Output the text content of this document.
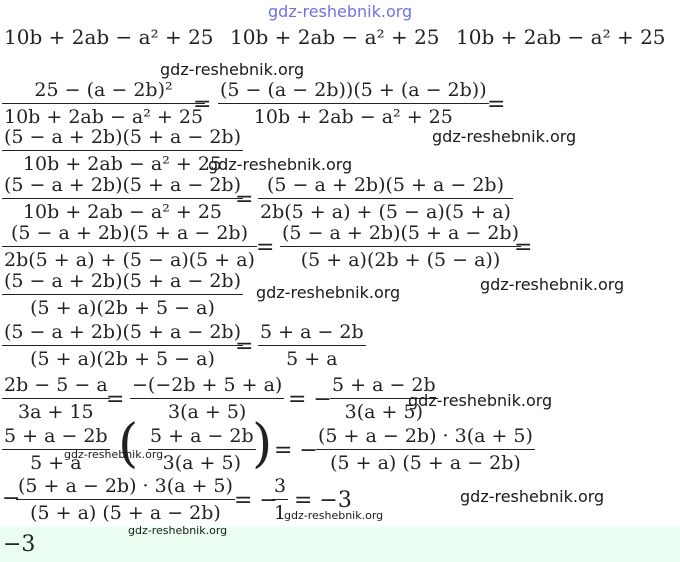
gdz-reshebnik.org
10b + 2ab − a² + 25 10b + 2ab − a² + 25 10b + 2ab − a² + 25
25 − (a − 2b)²
10b + 2ab − a² + 25
=
(5 − (a − 2b))(5 + (a − 2b))
10b + 2ab − a² + 25 =
(5 − a + 2b)(5 + a − 2b)
10b + 2ab − a² + 25
(5 − a + 2b)(5 + a − 2b)
10b + 2ab − a² + 25 =
(5 − a + 2b)(5 + a − 2b)
2b(5 + a) + (5 − a)(5 + a)
(5 − a + 2b)(5 + a − 2b)
2b(5 + a) + (5 − a)(5 + a) =
(5 − a + 2b)(5 + a − 2b)
(5 + a)(2b + (5 − a)) =
(5 − a + 2b)(5 + a − 2b)
(5 + a)(2b + 5 − a)
(5 − a + 2b)(5 + a − 2b)
(5 + a)(2b + 5 − a) =
5 + a − 2b
5 + a
2b − 5 − a
3a + 15 =
−(−2b + 5 + a)
3(a + 5) = −
5 + a − 2b
3(a + 5)
5 + a − 2b
5 + a ( 5 + a − 2b
3(a + 5) ) = −
(5 + a − 2b) · 3(a + 5)
(5 + a) (5 + a − 2b)
−
(5 + a − 2b) · 3(a + 5)
(5 + a) (5 + a − 2b) = −
3
1 = −3
−3
gdz-reshebnik.org
gdz-reshebnik.org
gdz-reshebnik.org
gdz-reshebnik.org
gdz-reshebnik.org
gdz-reshebnik.org
gdz-reshebnik.org
gdz-reshebnik.org
gdz-reshebnik.org
gdz-reshebnik.org
